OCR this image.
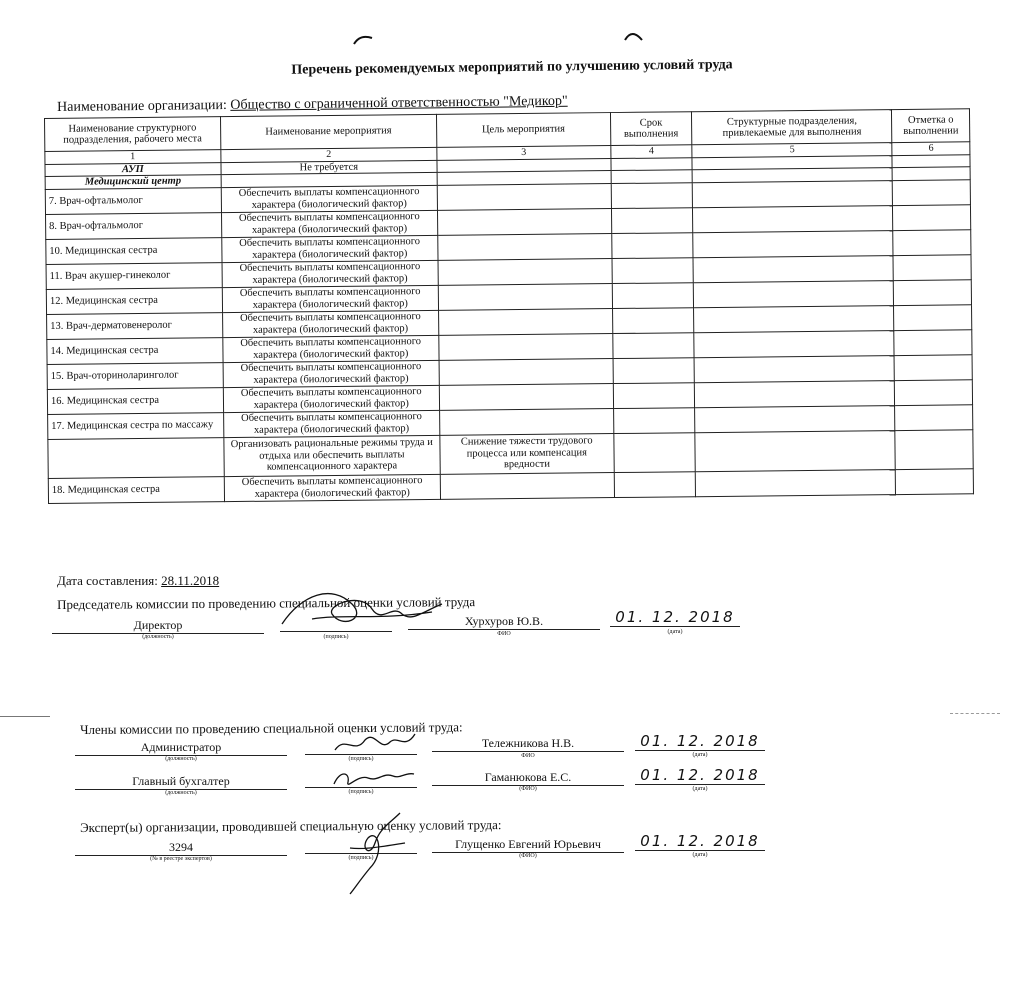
Перечень рекомендуемых мероприятий по улучшению условий труда
Наименование организации: Общество с ограниченной ответственностью "Медикор"
Наименование структурного подразделения, рабочего места	Наименование мероприятия	Цель мероприятия	Срок выполнения	Структурные подразделения, привлекаемые для выполнения	Отметка о выполнении
1	2	3	4	5	6
АУП	Не требуется				
Медицинский центр					
7. Врач-офтальмолог	Обеспечить выплаты компенсационного характера (биологический фактор)				
8. Врач-офтальмолог	Обеспечить выплаты компенсационного характера (биологический фактор)				
10. Медицинская сестра	Обеспечить выплаты компенсационного характера (биологический фактор)				
11. Врач акушер-гинеколог	Обеспечить выплаты компенсационного характера (биологический фактор)				
12. Медицинская сестра	Обеспечить выплаты компенсационного характера (биологический фактор)				
13. Врач-дерматовенеролог	Обеспечить выплаты компенсационного характера (биологический фактор)				
14. Медицинская сестра	Обеспечить выплаты компенсационного характера (биологический фактор)				
15. Врач-оториноларинголог	Обеспечить выплаты компенсационного характера (биологический фактор)				
16. Медицинская сестра	Обеспечить выплаты компенсационного характера (биологический фактор)				
17. Медицинская сестра по массажу	Обеспечить выплаты компенсационного характера (биологический фактор)				
	Организовать рациональные режимы труда и отдыха или обеспечить выплаты компенсационного характера	Снижение тяжести трудового процесса или компенсация вредности			
18. Медицинская сестра	Обеспечить выплаты компенсационного характера (биологический фактор)				
Дата составления: 28.11.2018
Председатель комиссии по проведению специальной оценки условий труда
Директор
(должность)	(подпись)
Хурхуров Ю.В.
ФИО
01. 12. 2018
(дата)
Члены комиссии по проведению специальной оценки условий труда:
Администратор
(должность)	(подпись)
Тележникова Н.В.
ФИО
01. 12. 2018
(дата)
Главный бухгалтер
(должность)	(подпись)
Гаманюкова Е.С.
(ФИО)
01. 12. 2018
(дата)
Эксперт(ы) организации, проводившей специальную оценку условий труда:
3294
(№ в реестре экспертов)	(подпись)
Глущенко Евгений Юрьевич
(ФИО)
01. 12. 2018
(дата)
